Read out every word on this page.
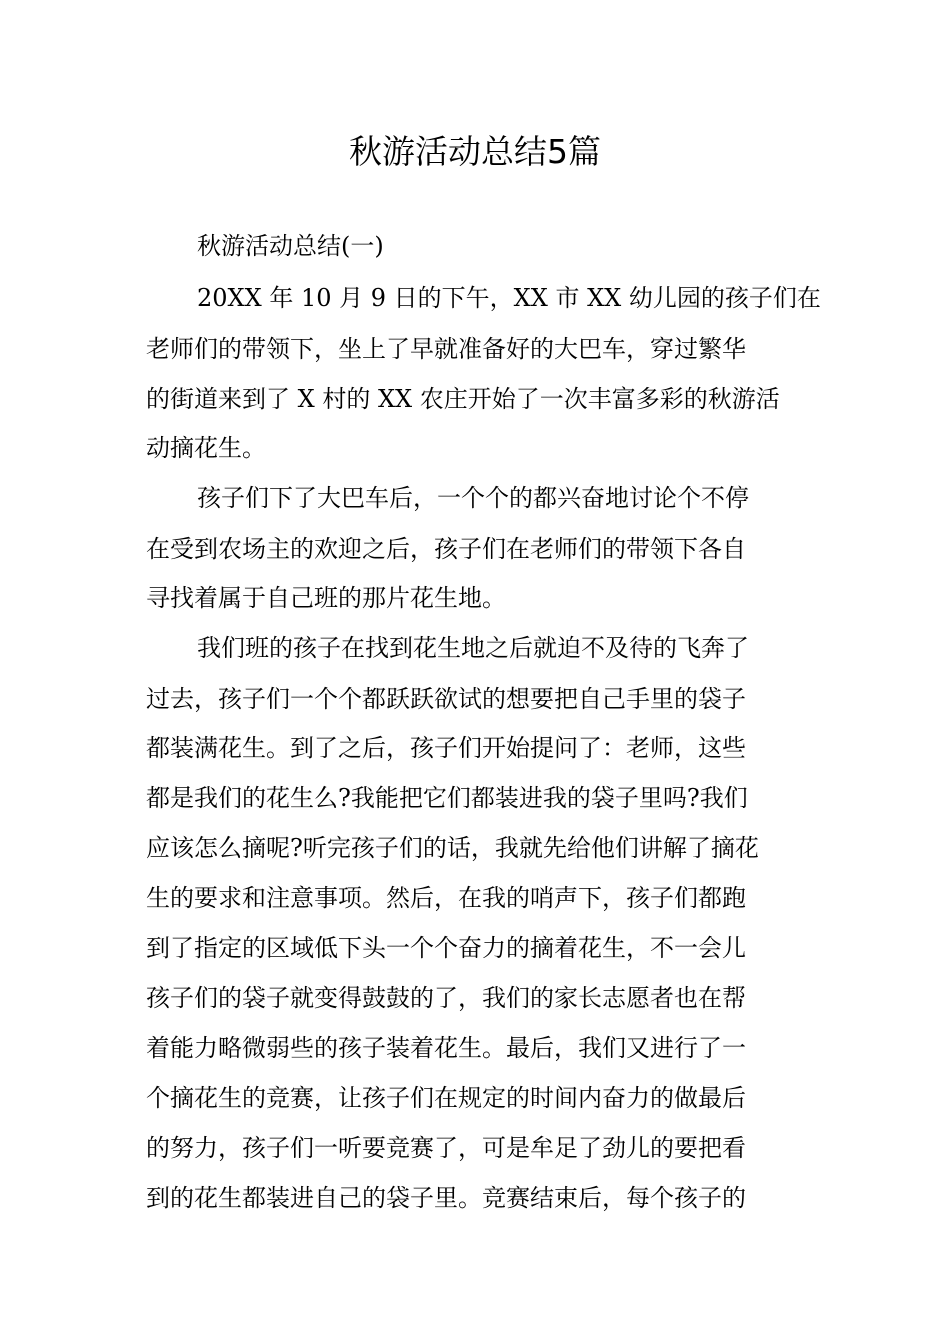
秋游活动总结5篇
秋游活动总结(一)
20XX 年 10 月 9 日的下午，XX 市 XX 幼儿园的孩子们在
老师们的带领下，坐上了早就准备好的大巴车，穿过繁华
的街道来到了 X 村的 XX 农庄开始了一次丰富多彩的秋游活
动摘花生。
孩子们下了大巴车后，一个个的都兴奋地讨论个不停
在受到农场主的欢迎之后，孩子们在老师们的带领下各自
寻找着属于自己班的那片花生地。
我们班的孩子在找到花生地之后就迫不及待的飞奔了
过去，孩子们一个个都跃跃欲试的想要把自己手里的袋子
都装满花生。到了之后，孩子们开始提问了：老师，这些
都是我们的花生么?我能把它们都装进我的袋子里吗?我们
应该怎么摘呢?听完孩子们的话，我就先给他们讲解了摘花
生的要求和注意事项。然后，在我的哨声下，孩子们都跑
到了指定的区域低下头一个个奋力的摘着花生，不一会儿
孩子们的袋子就变得鼓鼓的了，我们的家长志愿者也在帮
着能力略微弱些的孩子装着花生。最后，我们又进行了一
个摘花生的竞赛，让孩子们在规定的时间内奋力的做最后
的努力，孩子们一听要竞赛了，可是牟足了劲儿的要把看
到的花生都装进自己的袋子里。竞赛结束后，每个孩子的
